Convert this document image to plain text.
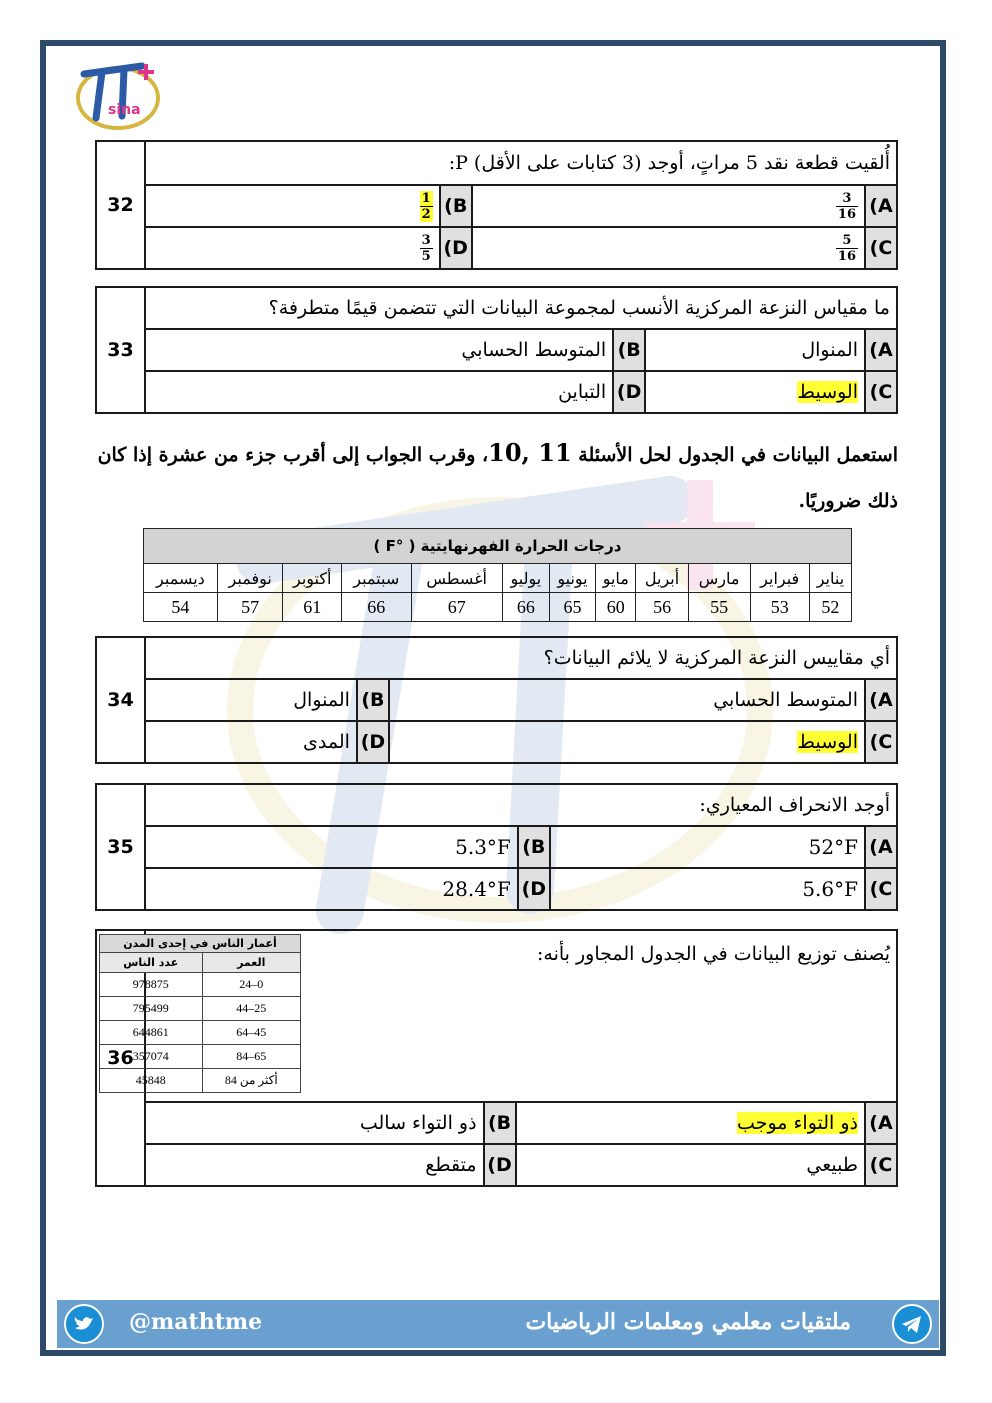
sina
أُلقيت قطعة نقد 5 مراتٍ، أوجد (3 كتابات على الأقل) P:				32
A)	$\frac{3}{16}$	B)	$\frac{1}{2}$

C)	$\frac{5}{16}$	D)	$\frac{3}{5}$
ما مقياس النزعة المركزية الأنسب لمجموعة البيانات التي تتضمن قيمًا متطرفة؟				33
A)	المنوال	B)	المتوسط الحسابي	
C)	الوسيط	D)	التباين	
استعمل البيانات في الجدول لحل الأسئلة 10, 11، وقرب الجواب إلى أقرب جزء من عشرة إذا كان ذلك ضروريًا.
درجات الحرارة الفهرنهايتية ( °F )											
يناير	فبراير	مارس	أبريل	مايو	يونيو	يوليو	أغسطس	سبتمبر	أكتوبر	نوفمبر	ديسمبر
52	53	55	56	60	65	66	67	66	61	57	54
أي مقاييس النزعة المركزية لا يلائم البيانات؟				34
A)	المتوسط الحسابي	B)	المنوال	
C)	الوسيط	D)	المدى	
أوجد الانحراف المعياري:				35
A)	52°F	B)	5.3°F	
C)	5.6°F	D)	28.4°F	
يُصنف توزيع البيانات في الجدول المجاور بأنه:				36
A)	ذو التواء موجب	B)	ذو التواء سالب	
C)	طبيعي	D)	متقطع	
أعمار الناس في إحدى المدن	
العمر	عدد الناس
0–24	978875
25–44	795499
45–64	644861
65–84	357074
أكثر من 84	45848
@mathtme	ملتقيات معلمي ومعلمات الرياضيات
